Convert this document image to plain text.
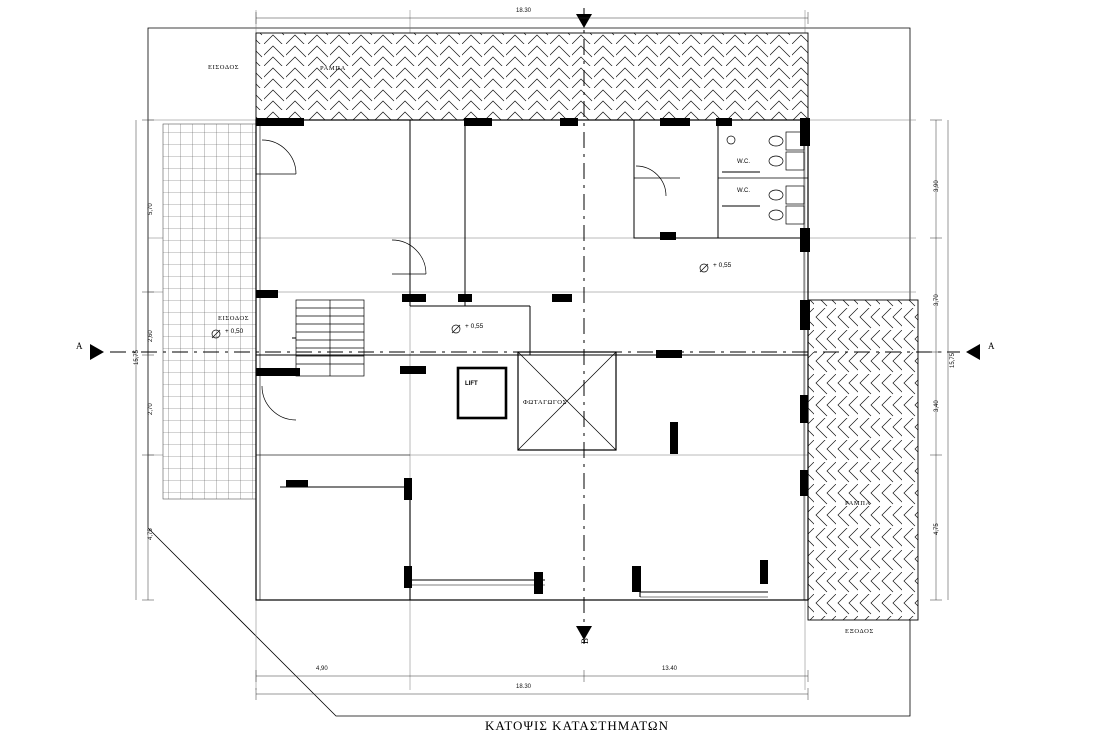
A	A
B
ΕΙΣΟΔΟΣ	ΡΑΜΠΑ
ΕΙΣΟΔΟΣ
ΦΩΤΑΓΩΓΟΣ
ΡΑΜΠΑ
ΕΞΟΔΟΣ
LIFT
W.C.
W.C.
+ 0,55
+ 0,55
+ 0,50
18.30
4,90	13.40
18.30
5,70
2,60
2,70
4,75
15,75
3,90
3,70
3,40
4,75
15,75
ΚΑΤΟΨΙΣ ΚΑΤΑΣΤΗΜΑΤΩΝ
